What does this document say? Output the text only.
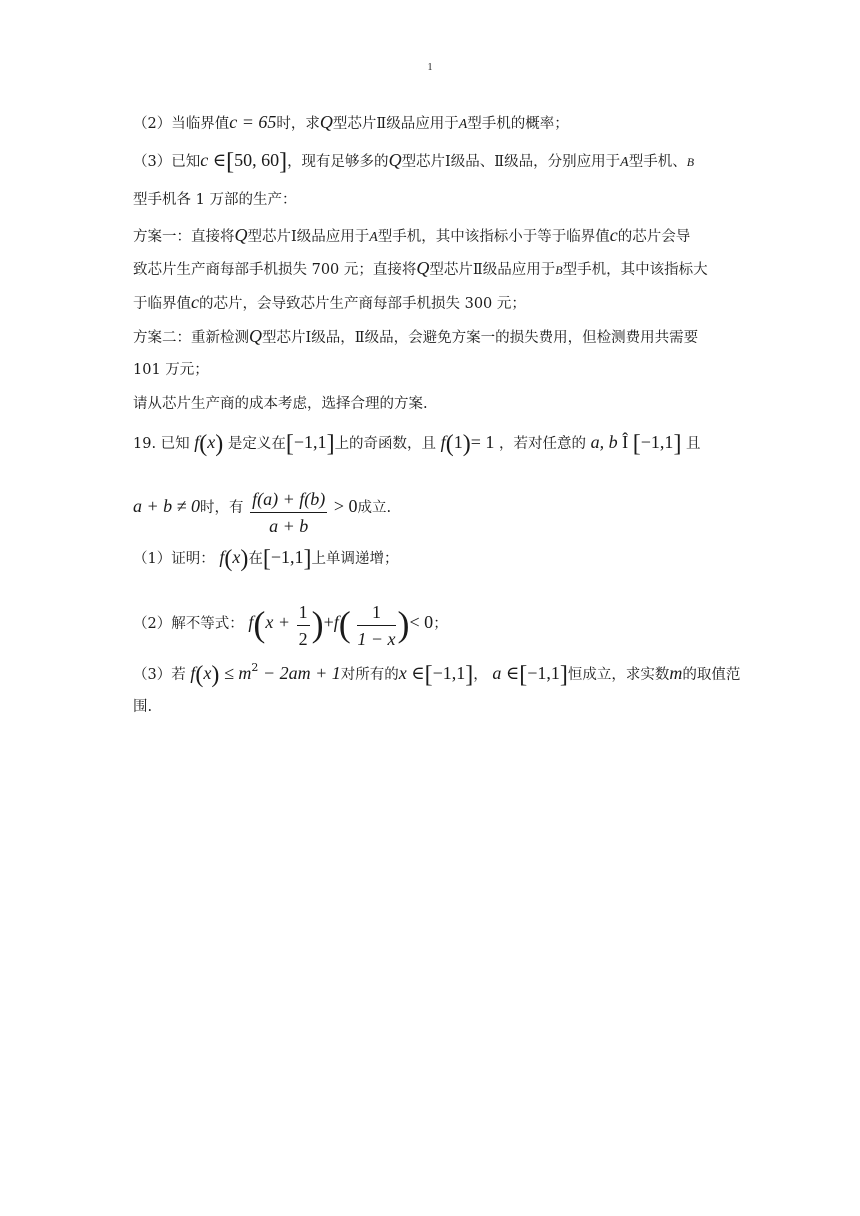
1
（2）当临界值c = 65时，求Q型芯片Ⅱ级品应用于A型手机的概率；
（3）已知c ∈[50, 60]，现有足够多的Q型芯片Ⅰ级品、Ⅱ级品，分别应用于A型手机、B
型手机各 1 万部的生产：
方案一：直接将Q型芯片Ⅰ级品应用于A型手机，其中该指标小于等于临界值c的芯片会导
致芯片生产商每部手机损失 700 元；直接将Q型芯片Ⅱ级品应用于B型手机，其中该指标大
于临界值c的芯片，会导致芯片生产商每部手机损失 300 元；
方案二：重新检测Q型芯片Ⅰ级品，Ⅱ级品，会避免方案一的损失费用，但检测费用共需要
101 万元；
请从芯片生产商的成本考虑，选择合理的方案.
19. 已知 f(x) 是定义在[−1,1]上的奇函数，且 f(1)= 1 ，若对任意的 a, b Î [−1,1] 且
a + b ≠ 0时，有 $\frac{f(a) + f(b)}{a + b} > 0$成立.
（1）证明： f(x)在[−1,1]上单调递增；
（2）解不等式： $f(x + \frac{1}{2} )+f( \frac{1}{1 - x}$ )< 0；
（3）若 $f(x) \le m^2 - 2am + 1$对所有的x ∈[−1,1]， a ∈[−1,1]恒成立，求实数m的取值范
围.
